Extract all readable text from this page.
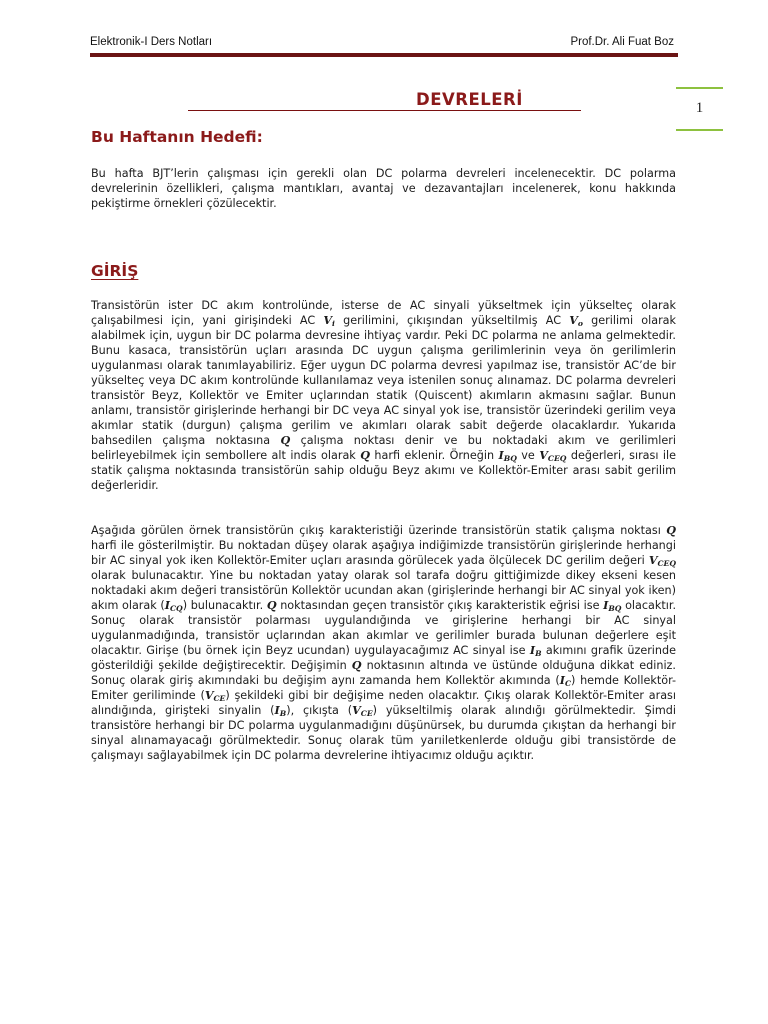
Elektronik-I Ders Notları	Prof.Dr. Ali Fuat Boz
1
DEVRELERİ
Bu Haftanın Hedefi:
Bu hafta BJT’lerin çalışması için gerekli olan DC polarma devreleri incelenecektir. DC polarma devrelerinin özellikleri, çalışma mantıkları, avantaj ve dezavantajları incelenerek, konu hakkında pekiştirme örnekleri çözülecektir.
GİRİŞ
Transistörün ister DC akım kontrolünde, isterse de AC sinyali yükseltmek için yükselteç olarak çalışabilmesi için, yani girişindeki AC $V_i$ gerilimini, çıkışından yükseltilmiş AC $V_o$ gerilimi olarak alabilmek için, uygun bir DC polarma devresine ihtiyaç vardır. Peki DC polarma ne anlama gelmektedir. Bunu kasaca, transistörün uçları arasında DC uygun çalışma gerilimlerinin veya ön gerilimlerin uygulanması olarak tanımlayabiliriz. Eğer uygun DC polarma devresi yapılmaz ise, transistör AC’de bir yükselteç veya DC akım kontrolünde kullanılamaz veya istenilen sonuç alınamaz. DC polarma devreleri transistör Beyz, Kollektör ve Emiter uçlarından statik (Quiscent) akımların akmasını sağlar. Bunun anlamı, transistör girişlerinde herhangi bir DC veya AC sinyal yok ise, transistör üzerindeki gerilim veya akımlar statik (durgun) çalışma gerilim ve akımları olarak sabit değerde olacaklardır. Yukarıda bahsedilen çalışma noktasına Q çalışma noktası denir ve bu noktadaki akım ve gerilimleri belirleyebilmek için sembollere alt indis olarak Q harfi eklenir. Örneğin $I_{BQ}$ ve $V_{CEQ}$ değerleri, sırası ile statik çalışma noktasında transistörün sahip olduğu Beyz akımı ve Kollektör-Emiter arası sabit gerilim değerleridir.
Aşağıda görülen örnek transistörün çıkış karakteristiği üzerinde transistörün statik çalışma noktası Q harfi ile gösterilmiştir. Bu noktadan düşey olarak aşağıya indiğimizde transistörün girişlerinde herhangi bir AC sinyal yok iken Kollektör-Emiter uçları arasında görülecek yada ölçülecek DC gerilim değeri $V_{CEQ}$ olarak bulunacaktır. Yine bu noktadan yatay olarak sol tarafa doğru gittiğimizde dikey ekseni kesen noktadaki akım değeri transistörün Kollektör ucundan akan (girişlerinde herhangi bir AC sinyal yok iken) akım olarak $(I_{CQ})$ bulunacaktır. Q noktasından geçen transistör çıkış karakteristik eğrisi ise $I_{BQ}$ olacaktır. Sonuç olarak transistör polarması uygulandığında ve girişlerine herhangi bir AC sinyal uygulanmadığında, transistör uçlarından akan akımlar ve gerilimler burada bulunan değerlere eşit olacaktır. Girişe (bu örnek için Beyz ucundan) uygulayacağımız AC sinyal ise $I_B$ akımını grafik üzerinde gösterildiği şekilde değiştirecektir. Değişimin Q noktasının altında ve üstünde olduğuna dikkat ediniz. Sonuç olarak giriş akımındaki bu değişim aynı zamanda hem Kollektör akımında $(I_C)$ hemde Kollektör-Emiter geriliminde $(V_{CE})$ şekildeki gibi bir değişime neden olacaktır. Çıkış olarak Kollektör-Emiter arası alındığında, girişteki sinyalin $(I_B)$, çıkışta $(V_{CE})$ yükseltilmiş olarak alındığı görülmektedir. Şimdi transistöre herhangi bir DC polarma uygulanmadığını düşünürsek, bu durumda çıkıştan da herhangi bir sinyal alınamayacağı görülmektedir. Sonuç olarak tüm yarıiletkenlerde olduğu gibi transistörde de çalışmayı sağlayabilmek için DC polarma devrelerine ihtiyacımız olduğu açıktır.
